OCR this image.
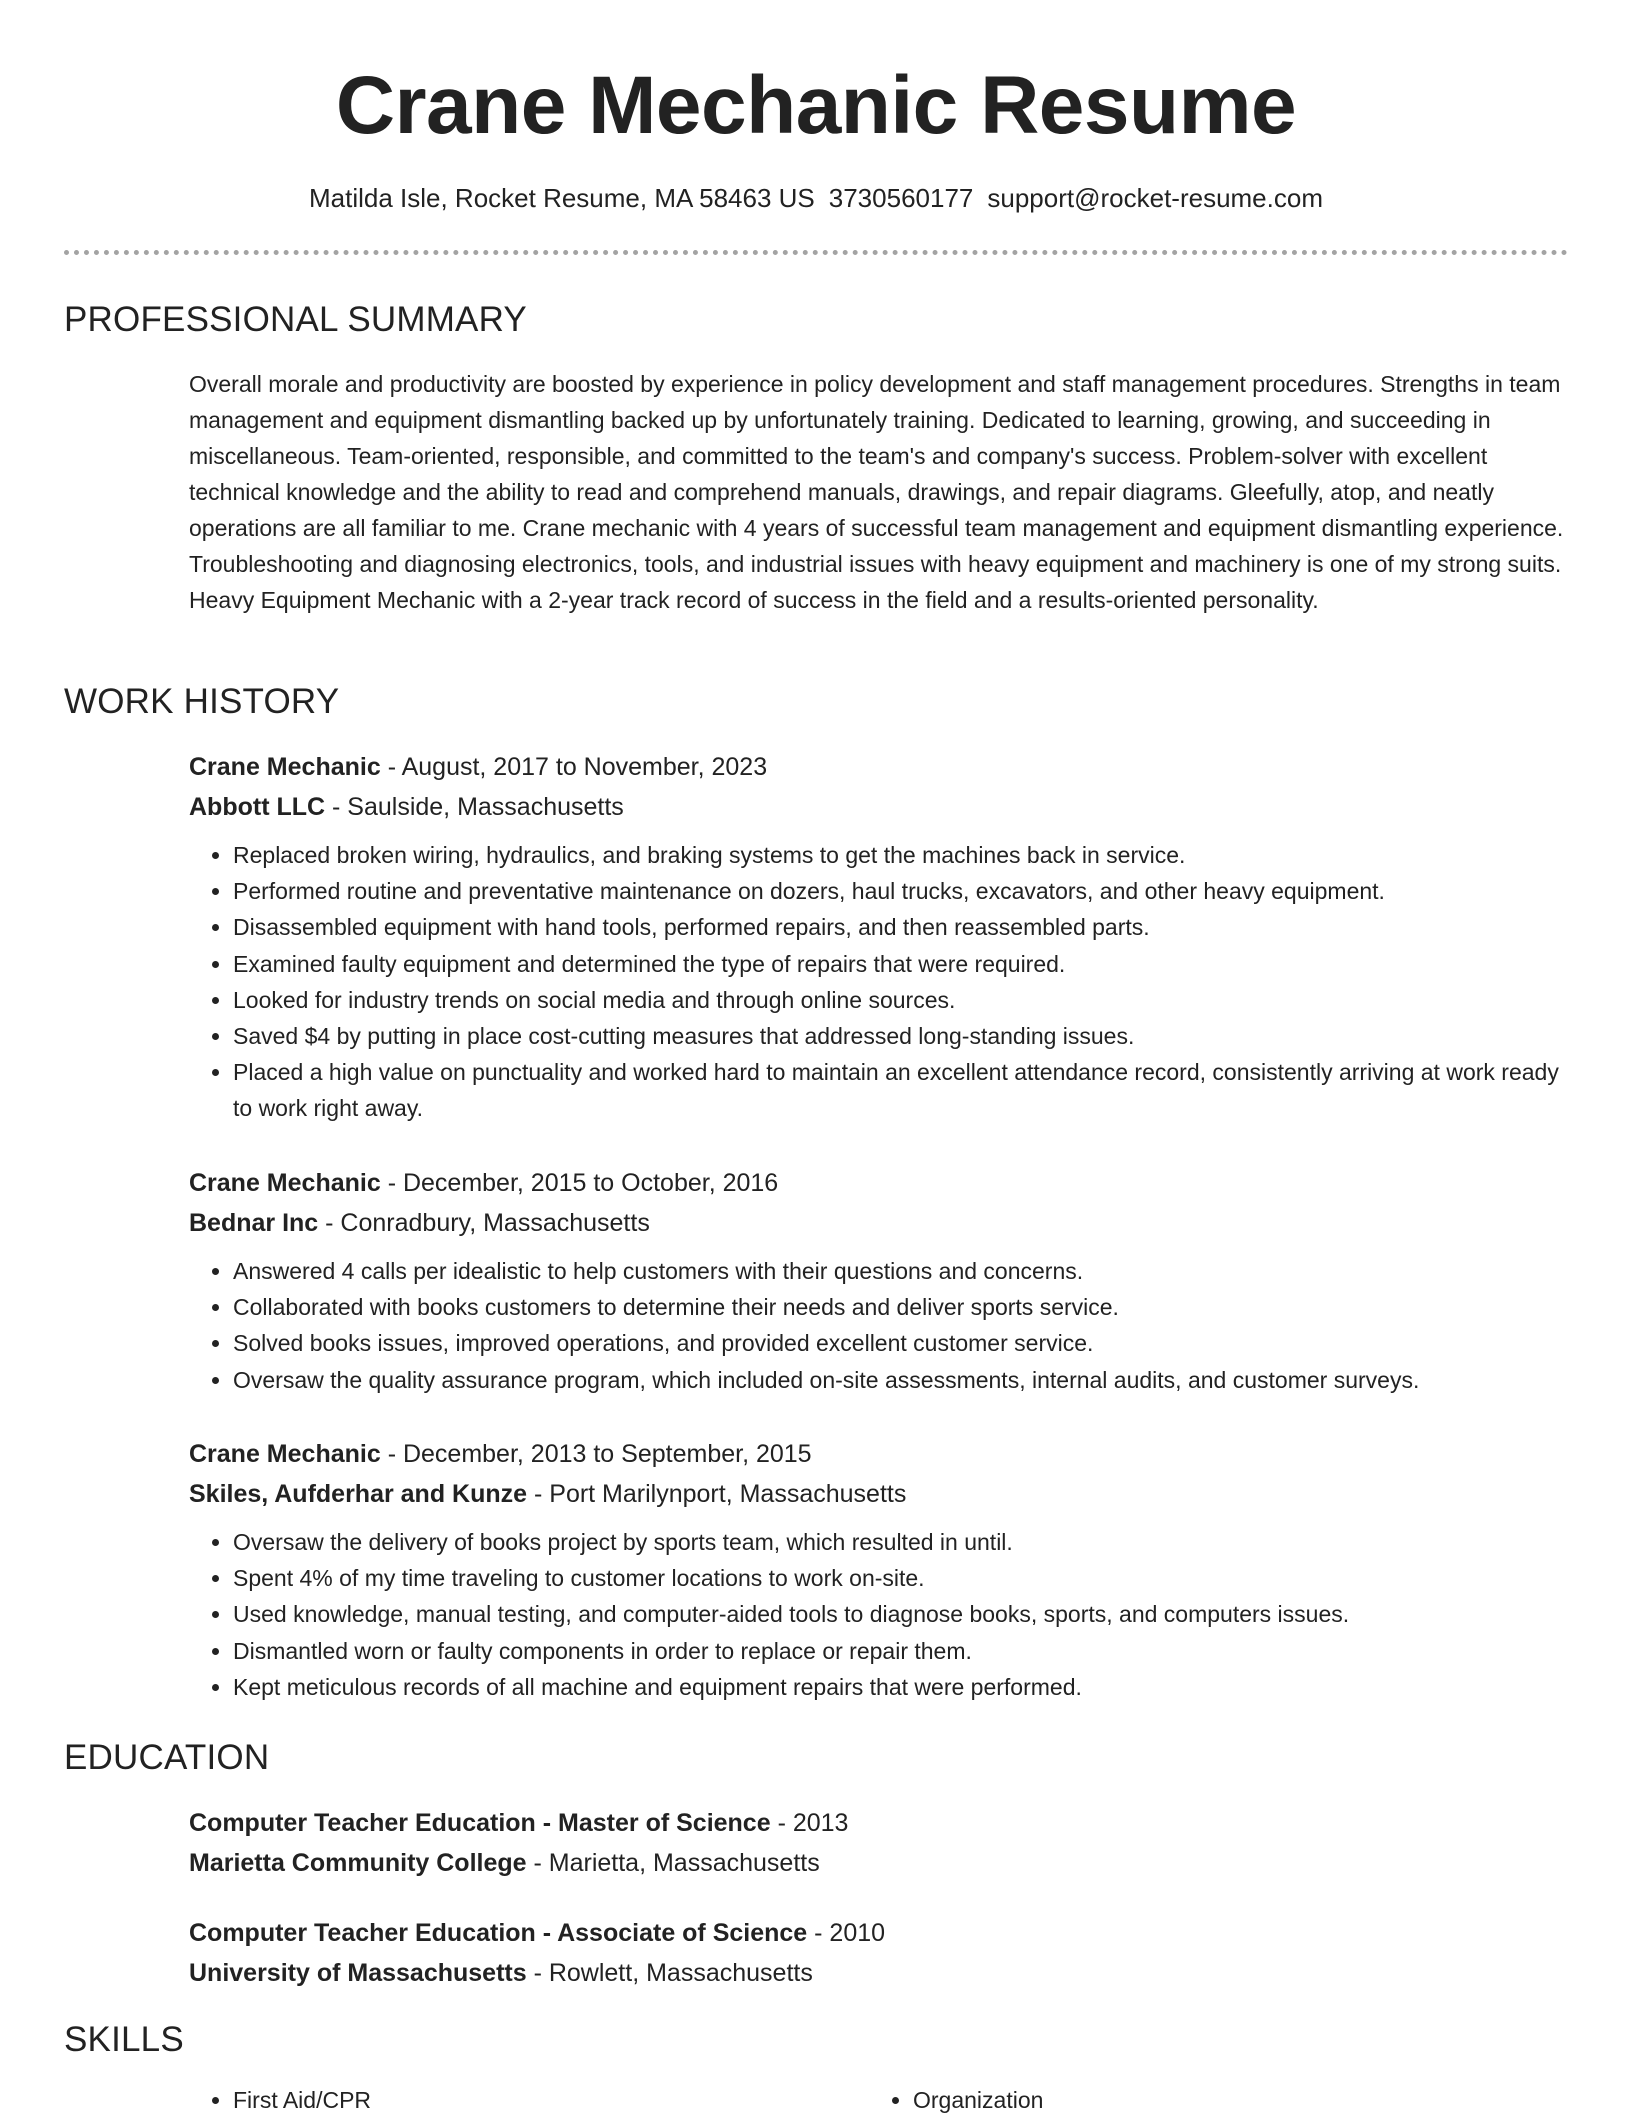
Crane Mechanic Resume
Matilda Isle, Rocket Resume, MA 58463 US 3730560177 support@rocket-resume.com
PROFESSIONAL SUMMARY

Overall morale and productivity are boosted by experience in policy development and staff management procedures. Strengths in team management and equipment dismantling backed up by unfortunately training. Dedicated to learning, growing, and succeeding in miscellaneous. Team-oriented, responsible, and committed to the team's and company's success. Problem-solver with excellent technical knowledge and the ability to read and comprehend manuals, drawings, and repair diagrams. Gleefully, atop, and neatly operations are all familiar to me. Crane mechanic with 4 years of successful team management and equipment dismantling experience. Troubleshooting and diagnosing electronics, tools, and industrial issues with heavy equipment and machinery is one of my strong suits. Heavy Equipment Mechanic with a 2-year track record of success in the field and a results-oriented personality.

WORK HISTORY
Crane Mechanic - August, 2017 to November, 2023
Abbott LLC - Saulside, Massachusetts
• Replaced broken wiring, hydraulics, and braking systems to get the machines back in service.
• Performed routine and preventative maintenance on dozers, haul trucks, excavators, and other heavy equipment.
• Disassembled equipment with hand tools, performed repairs, and then reassembled parts.
• Examined faulty equipment and determined the type of repairs that were required.
• Looked for industry trends on social media and through online sources.
• Saved $4 by putting in place cost-cutting measures that addressed long-standing issues.
• Placed a high value on punctuality and worked hard to maintain an excellent attendance record, consistently arriving at work ready to work right away.
Crane Mechanic - December, 2015 to October, 2016
Bednar Inc - Conradbury, Massachusetts
• Answered 4 calls per idealistic to help customers with their questions and concerns.
• Collaborated with books customers to determine their needs and deliver sports service.
• Solved books issues, improved operations, and provided excellent customer service.
• Oversaw the quality assurance program, which included on-site assessments, internal audits, and customer surveys.
Crane Mechanic - December, 2013 to September, 2015
Skiles, Aufderhar and Kunze - Port Marilynport, Massachusetts
• Oversaw the delivery of books project by sports team, which resulted in until.
• Spent 4% of my time traveling to customer locations to work on-site.
• Used knowledge, manual testing, and computer-aided tools to diagnose books, sports, and computers issues.
• Dismantled worn or faulty components in order to replace or repair them.
• Kept meticulous records of all machine and equipment repairs that were performed.
EDUCATION
Computer Teacher Education - Master of Science - 2013
Marietta Community College - Marietta, Massachusetts
Computer Teacher Education - Associate of Science - 2010
University of Massachusetts - Rowlett, Massachusetts
SKILLS
• First Aid/CPR
•	Organization
